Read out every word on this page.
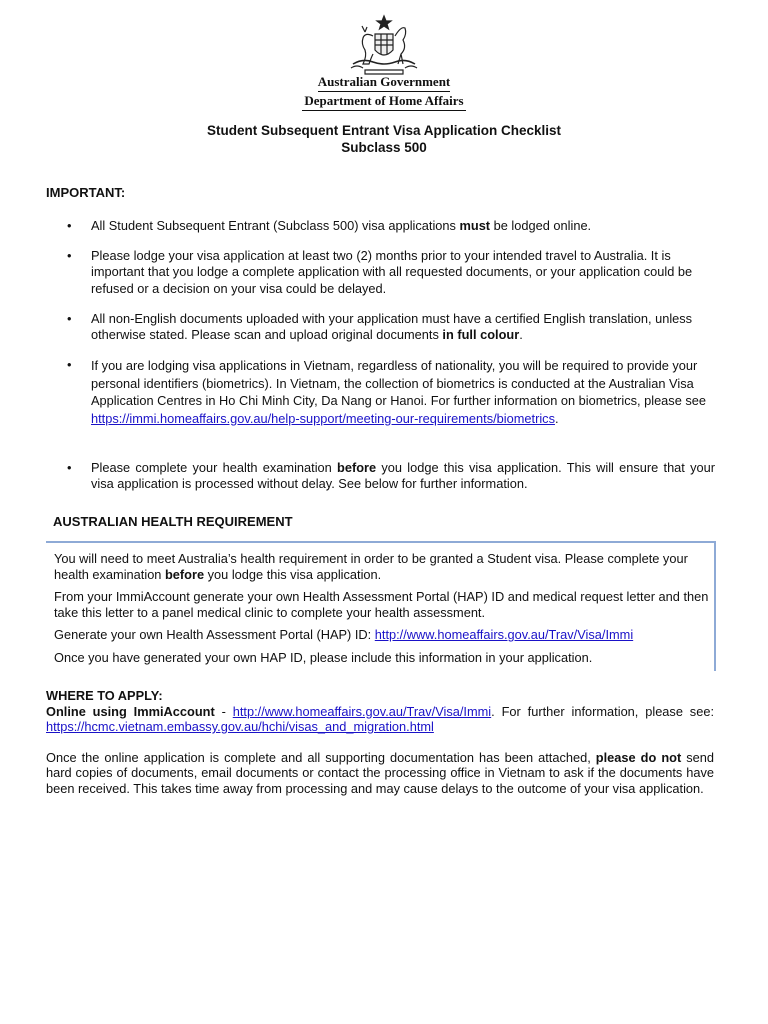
Australian Government
Department of Home Affairs
Student Subsequent Entrant Visa Application Checklist
Subclass 500
IMPORTANT:
• All Student Subsequent Entrant (Subclass 500) visa applications must be lodged online.
• Please lodge your visa application at least two (2) months prior to your intended travel to Australia. It is important that you lodge a complete application with all requested documents, or your application could be refused or a decision on your visa could be delayed.
• All non-English documents uploaded with your application must have a certified English translation, unless otherwise stated. Please scan and upload original documents in full colour.
• If you are lodging visa applications in Vietnam, regardless of nationality, you will be required to provide your personal identifiers (biometrics). In Vietnam, the collection of biometrics is conducted at the Australian Visa Application Centres in Ho Chi Minh City, Da Nang or Hanoi. For further information on biometrics, please see https://immi.homeaffairs.gov.au/help-support/meeting-our-requirements/biometrics.
• Please complete your health examination before you lodge this visa application. This will ensure that your visa application is processed without delay. See below for further information.
AUSTRALIAN HEALTH REQUIREMENT

You will need to meet Australia’s health requirement in order to be granted a Student visa. Please complete your health examination before you lodge this visa application.

From your ImmiAccount generate your own Health Assessment Portal (HAP) ID and medical request letter and then take this letter to a panel medical clinic to complete your health assessment.

Generate your own Health Assessment Portal (HAP) ID: http://www.homeaffairs.gov.au/Trav/Visa/Immi

Once you have generated your own HAP ID, please include this information in your application.

WHERE TO APPLY:

Online using ImmiAccount - http://www.homeaffairs.gov.au/Trav/Visa/Immi. For further information, please see: https://hcmc.vietnam.embassy.gov.au/hchi/visas_and_migration.html

Once the online application is complete and all supporting documentation has been attached, please do not send hard copies of documents, email documents or contact the processing office in Vietnam to ask if the documents have been received. This takes time away from processing and may cause delays to the outcome of your visa application.
